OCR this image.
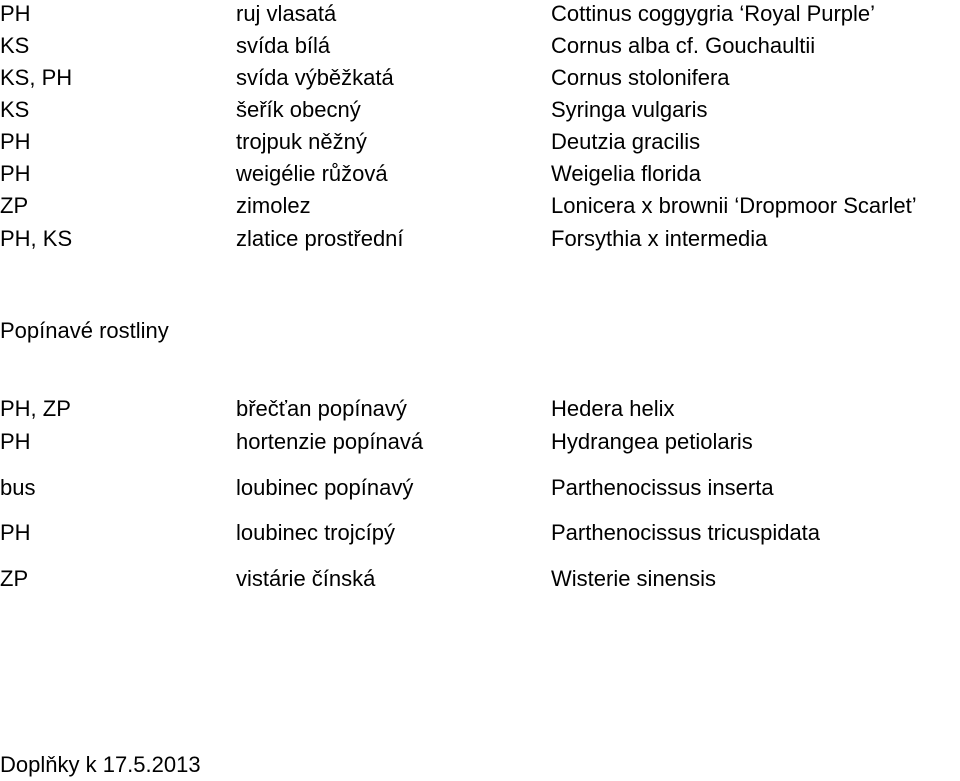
PH	ruj vlasatá	Cottinus coggygria ‘Royal Purple’
KS	svída bílá	Cornus alba cf. Gouchaultii
KS, PH	svída výběžkatá	Cornus stolonifera
KS	šeřík obecný	Syringa vulgaris
PH	trojpuk něžný	Deutzia gracilis
PH	weigélie růžová	Weigelia florida
ZP	zimolez	Lonicera x brownii ‘Dropmoor Scarlet’
PH, KS	zlatice prostřední	Forsythia x intermedia
Popínavé rostliny
PH, ZP	břečťan popínavý	Hedera helix
PH	hortenzie popínavá	Hydrangea petiolaris
bus	loubinec popínavý	Parthenocissus inserta
PH	loubinec trojcípý	Parthenocissus tricuspidata
ZP	vistárie čínská	Wisterie sinensis
Doplňky k 17.5.2013
